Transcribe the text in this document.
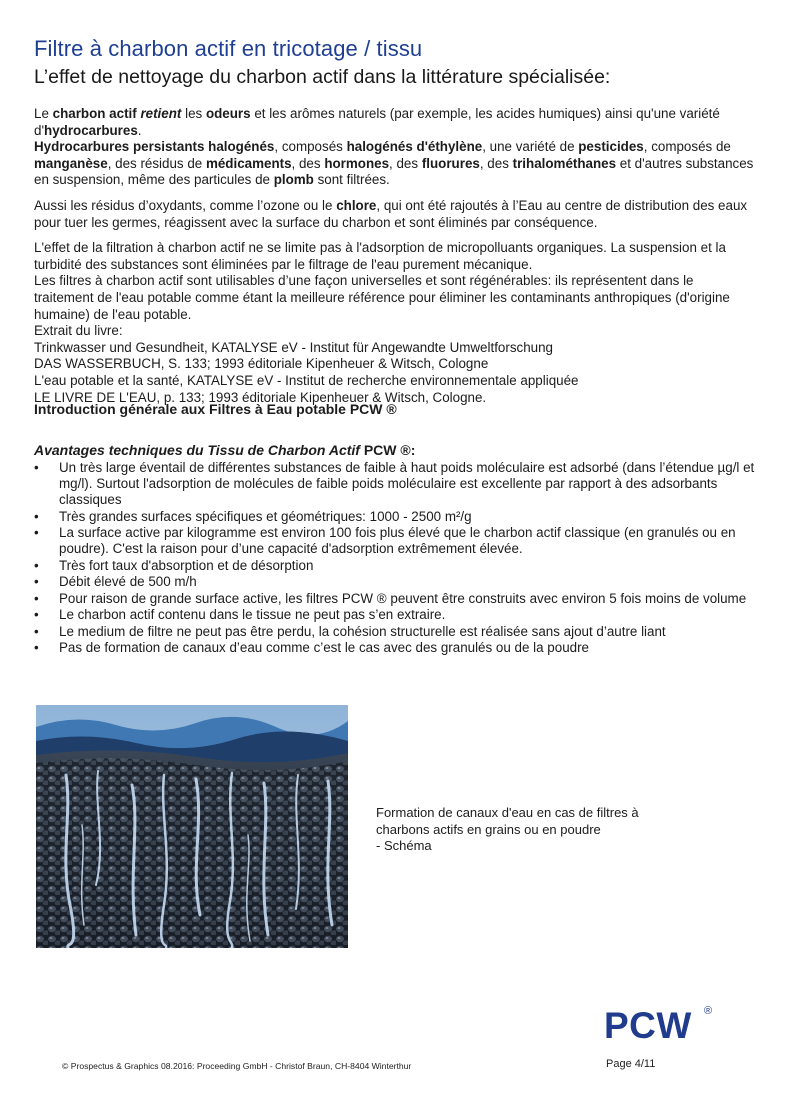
Filtre à charbon actif en tricotage / tissu
L’effet de nettoyage du charbon actif dans la littérature spécialisée:

Le charbon actif retient les odeurs et les arômes naturels (par exemple, les acides humiques) ainsi qu'une variété d'hydrocarbures.

Hydrocarbures persistants halogénés, composés halogénés d'éthylène, une variété de pesticides, composés de manganèse, des résidus de médicaments, des hormones, des fluorures, des trihalométhanes et d'autres substances en suspension, même des particules de plomb sont filtrées.

Aussi les résidus d’oxydants, comme l’ozone ou le chlore, qui ont été rajoutés à l’Eau au centre de distribution des eaux pour tuer les germes, réagissent avec la surface du charbon et sont éliminés par conséquence.

L'effet de la filtration à charbon actif ne se limite pas à l'adsorption de micropolluants organiques. La suspension et la turbidité des substances sont éliminées par le filtrage de l'eau purement mécanique.

Les filtres à charbon actif sont utilisables d’une façon universelles et sont régénérables: ils représentent dans le traitement de l'eau potable comme étant la meilleure référence pour éliminer les contaminants anthropiques (d'origine humaine) de l'eau potable.

Extrait du livre:
Trinkwasser und Gesundheit, KATALYSE eV - Institut für Angewandte Umweltforschung
DAS WASSERBUCH, S. 133; 1993 éditoriale Kipenheuer & Witsch, Cologne
L'eau potable et la santé, KATALYSE eV - Institut de recherche environnementale appliquée
LE LIVRE DE L'EAU, p. 133; 1993 éditoriale Kipenheuer & Witsch, Cologne.
Introduction générale aux Filtres à Eau potable PCW ®
Avantages techniques du Tissu de Charbon Actif PCW ®:
• Un très large éventail de différentes substances de faible à haut poids moléculaire est adsorbé (dans l’étendue µg/l et mg/l). Surtout l'adsorption de molécules de faible poids moléculaire est excellente par rapport à des adsorbants classiques
• Très grandes surfaces spécifiques et géométriques: 1000 - 2500 m²/g
• La surface active par kilogramme est environ 100 fois plus élevé que le charbon actif classique (en granulés ou en poudre). C'est la raison pour d’une capacité d'adsorption extrêmement élevée.
• Très fort taux d'absorption et de désorption
• Débit élevé de 500 m/h
• Pour raison de grande surface active, les filtres PCW ® peuvent être construits avec environ 5 fois moins de volume
• Le charbon actif contenu dans le tissue ne peut pas s’en extraire.
• Le medium de filtre ne peut pas être perdu, la cohésion structurelle est réalisée sans ajout d’autre liant
• Pas de formation de canaux d’eau comme c’est le cas avec des granulés ou de la poudre
Formation de canaux d'eau en cas de filtres à
charbons actifs en grains ou en poudre
- Schéma
PCW ®
© Prospectus & Graphics 08.2016: Proceeding GmbH - Christof Braun, CH-8404 Winterthur	Page 4/11
